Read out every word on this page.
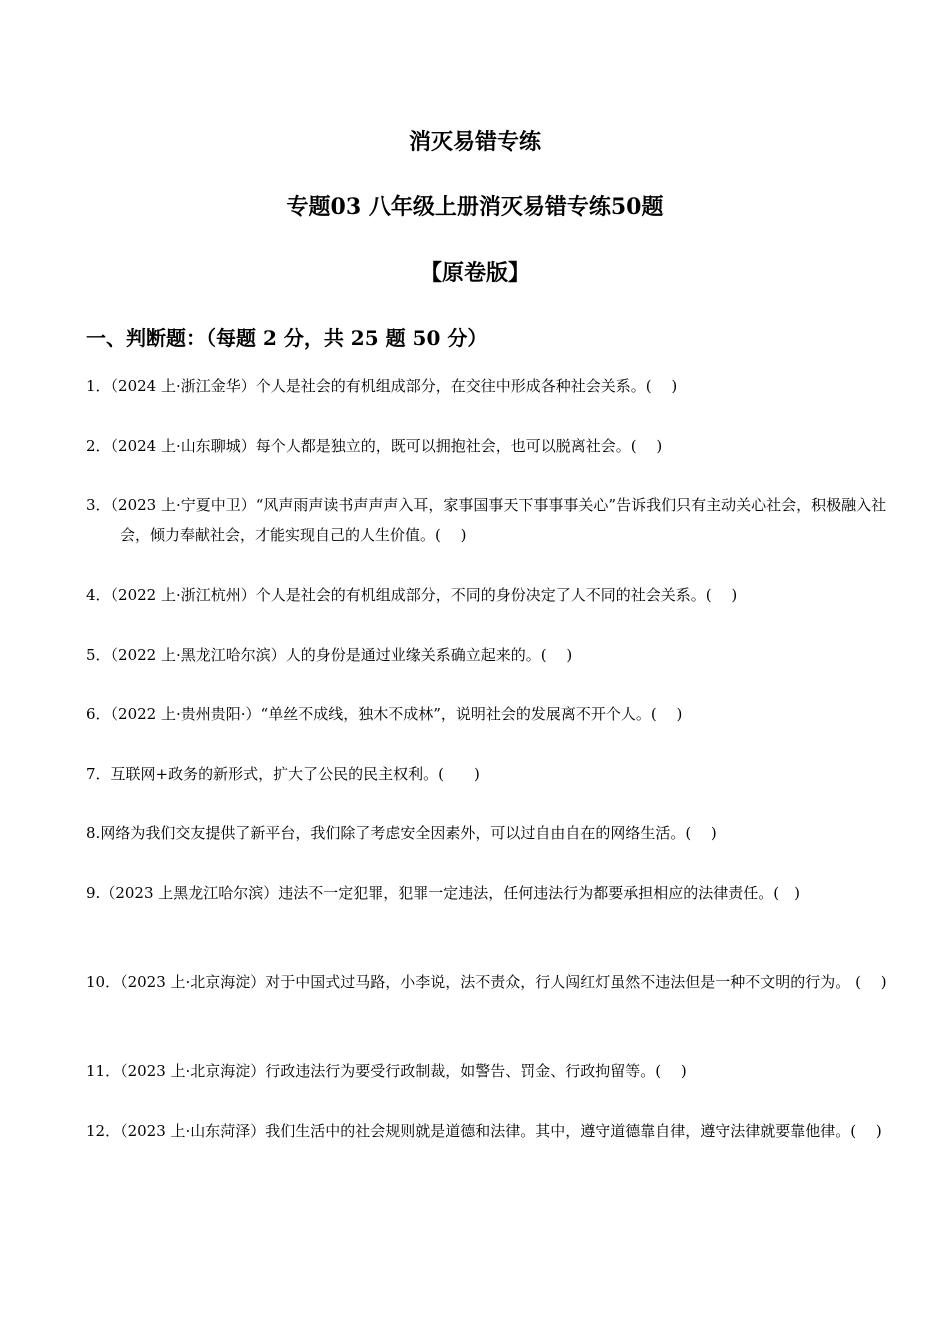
消灭易错专练
专题03 八年级上册消灭易错专练50题
【原卷版】
一、判断题：（每题 2 分，共 25 题 50 分）
1．（2024 上·浙江金华）个人是社会的有机组成部分，在交往中形成各种社会关系。(　 )
2．（2024 上·山东聊城）每个人都是独立的，既可以拥抱社会，也可以脱离社会。(　 )
3．（2023 上·宁夏中卫）“风声雨声读书声声声入耳，家事国事天下事事事关心”告诉我们只有主动关心社会，积极融入社会，倾力奉献社会，才能实现自己的人生价值。(　 )
4．（2022 上·浙江杭州）个人是社会的有机组成部分，不同的身份决定了人不同的社会关系。(　 )
5．（2022 上·黑龙江哈尔滨）人的身份是通过业缘关系确立起来的。(　 )
6．（2022 上·贵州贵阳·）“单丝不成线，独木不成林”，说明社会的发展离不开个人。(　 )
7．互联网+政务的新形式，扩大了公民的民主权利。(　　)
8.网络为我们交友提供了新平台，我们除了考虑安全因素外，可以过自由自在的网络生活。(　 )
9.（2023 上黑龙江哈尔滨）违法不一定犯罪，犯罪一定违法，任何违法行为都要承担相应的法律责任。(　)
10．（2023 上·北京海淀）对于中国式过马路，小李说，法不责众，行人闯红灯虽然不违法但是一种不文明的行为。 (　 )
11．（2023 上·北京海淀）行政违法行为要受行政制裁，如警告、罚金、行政拘留等。(　 )
12．（2023 上·山东菏泽）我们生活中的社会规则就是道德和法律。其中，遵守道德靠自律，遵守法律就要靠他律。(　 )
